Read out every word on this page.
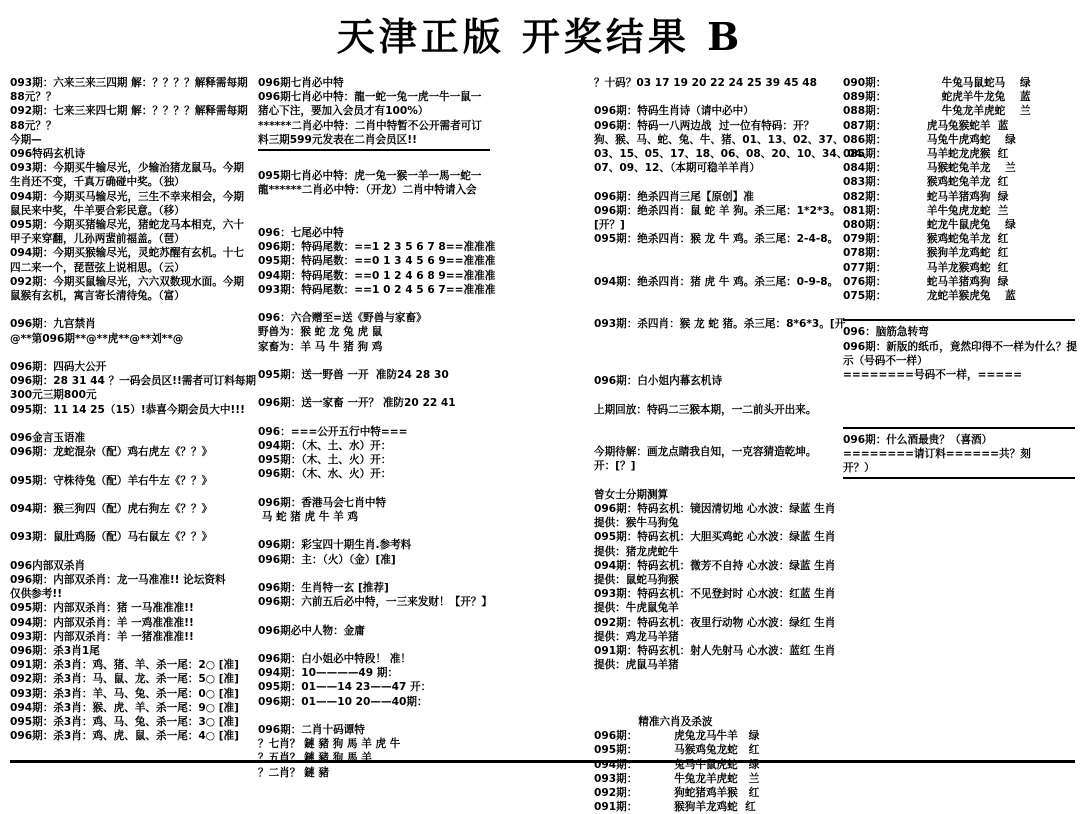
天津正版 开奖结果 B
093期：六来三来三四期 解：？？？？解释需每期
88元？？
092期：七来三来四七期 解：？？？？解释需每期
88元？？
今期—
096特码玄机诗
093期：今期买牛输尽光，少输治猪龙鼠马。今期
生肖还不变，千真万确碰中奖。（独）
094期：今期买马输尽光，三生不幸来相会，今期
鼠民来中奖，牛羊要合彩民意。（移）
095期：今期买猪输尽光，猪蛇龙马本相克，六十
甲子来穿翻，儿孙两蜚前福盖。（琶）
094期：今期买猴输尽光，灵蛇苏醒有玄机。十七
四二来一个，琵琶弦上说相思。（云）
092期：今期买鼠输尽光，六六双数现水面。今期
鼠猴有玄机，寓言寄长清待兔。（富）
096期：九宫禁肖
@**第096期**@**虎**@**刘**@
096期：四码大公开
096期：28 31 44 ？一码会员区!!需者可订料每期
300元三期800元
095期：11 14 25（15）!恭喜今期会员大中!!!
096金言玉语准
096期：龙蛇混杂（配）鸡右虎左《？？》
095期：守株待兔（配）羊右牛左《？？》
094期：猴三狗四（配）虎右狗左《？？》
093期：鼠肚鸡肠（配）马右鼠左《？？》
096内部双杀肖
096期：内部双杀肖：龙一马准准!! 论坛资料
仅供参考!!
095期：内部双杀肖：猪 一马准准准!!
094期：内部双杀肖：羊 一鸡准准准!!
093期：内部双杀肖：羊 一猪准准准!!
096期：杀3肖1尾
091期：杀3肖：鸡、猪、羊、杀一尾：2○ [准]
092期：杀3肖：马、鼠、龙、杀一尾：5○ [准]
093期：杀3肖：羊、马、兔、杀一尾：0○ [准]
094期：杀3肖：猴、虎、羊、杀一尾：9○ [准]
095期：杀3肖：鸡、马、兔、杀一尾：3○ [准]
096期：杀3肖：鸡、虎、鼠、杀一尾：4○ [准]
096期七肖必中特
096期七肖必中特：龍一蛇一兔一虎一牛一鼠一
猪心下注，要加入会员才有100%）
******二肖必中特：二肖中特暂不公开需者可订
料三期599元发表在二肖会员区!!
095期七肖必中特：虎一兔一猴一羊一馬一蛇一
龍******二肖必中特：（开龙）二肖中特请入会
096：七尾必中特
096期：特码尾数：==1 2 3 5 6 7 8==准准准
095期：特码尾数：==0 1 3 4 5 6 9==准准准
094期：特码尾数：==0 1 2 4 6 8 9==准准准
093期：特码尾数：==1 0 2 4 5 6 7==准准准
096：六合赠至=送《野兽与家畜》
野兽为：猴 蛇 龙 兔 虎 鼠
家畜为：羊 马 牛 猪 狗 鸡
095期：送一野兽 一开  准防24 28 30
096期：送一家畜 一开？ 准防20 22 41
096：===公开五行中特===
094期：（木、土、水）开：
095期：（木、土、火）开：
096期：（木、水、火）开：
096期：香港马会七肖中特
马 蛇 猪 虎 牛 羊 鸡
096期：彩宝四十期生肖.参考料
096期：主：（火）（金）[准]
096期：生肖特一玄 [推荐]
096期：六前五后必中特，一三来发财！【开？】
096期必中人物：金庸
096期：白小姐必中特段！ 准！
094期：10————49 期：
095期：01——14 23——47 开：
096期：01——10 20——40期：
096期：二肖十码谭特
？七肖？ 鏈 豬 狗 馬 羊 虎 牛
？五肖？ 鏈 豬 狗 馬 羊
？二肖？ 鏈 豬
？十码？03 17 19 20 22 24 25 39 45 48
096期：特码生肖诗（请中必中）
096期：特码一八两边战  过一位有特码：开？
狗、猴、马、蛇、兔、牛、猪、01、13、02、37、
03、15、05、17、18、06、08、20、10、34、04、
07、09、12、（本期可稳羊羊肖）
096期：绝杀四肖三尾【原创】准
096期：绝杀四肖：鼠 蛇 羊 狗。杀三尾：1*2*3。
[开？]
095期：绝杀四肖：猴 龙 牛 鸡。杀三尾：2-4-8。
094期：绝杀四肖：猪 虎 牛 鸡。杀三尾：0-9-8。
093期：杀四肖：猴 龙 蛇 猪。杀三尾：8*6*3。[开
096期：白小姐内幕玄机诗
上期回放：特码二三猴本期，一二前头开出来。
今期待解：画龙点睛我自知，一克容猜造乾坤。
开：[？]
曾女士分期测算
096期：特码玄机：镜因清切地 心水波：绿蓝 生肖
提供：猴牛马狗兔
095期：特码玄机：大胆买鸡蛇 心水波：绿蓝 生肖
提供：猪龙虎蛇牛
094期：特码玄机：微芳不自持 心水波：绿蓝 生肖
提供：鼠蛇马狗猴
093期：特码玄机：不见登封时 心水波：红蓝 生肖
提供：牛虎鼠兔羊
092期：特码玄机：夜里行动物 心水波：绿红 生肖
提供：鸡龙马羊猪
091期：特码玄机：射人先射马 心水波：蓝红 生肖
提供：虎鼠马羊猪
精准六肖及杀波
096期：          虎兔龙马牛羊   绿
095期：          马猴鸡兔龙蛇   红
094期：          兔马牛鼠虎蛇   绿
093期：          牛兔龙羊虎蛇   兰
092期：          狗蛇猪鸡羊猴   红
091期：          猴狗羊龙鸡蛇  红
090期：               牛兔马鼠蛇马    绿
089期：               蛇虎羊牛龙兔    蓝
088期：               牛兔龙羊虎蛇    兰
087期：           虎马兔猴蛇羊  蓝
086期：           马兔牛虎鸡蛇    绿
085期：           马羊蛇龙虎猴  红
084期：           马猴蛇兔羊龙    兰
083期：           猴鸡蛇兔羊龙  红
082期：           蛇马羊猪鸡狗  绿
081期：           羊牛兔虎龙蛇  兰
080期：           蛇龙牛鼠虎兔    绿
079期：           猴鸡蛇兔羊龙  红
078期：           猴狗羊龙鸡蛇  红
077期：           马羊龙猴鸡蛇  红
076期：           蛇马羊猪鸡狗  绿
075期：           龙蛇羊猴虎兔    蓝
096：脑筋急转弯
096期：新版的纸币，竟然印得不一样为什么？提
示（号码不一样）
========号码不一样，=====
096期：什么酒最贵？（喜酒）
========请订料======共？刻
开？）
